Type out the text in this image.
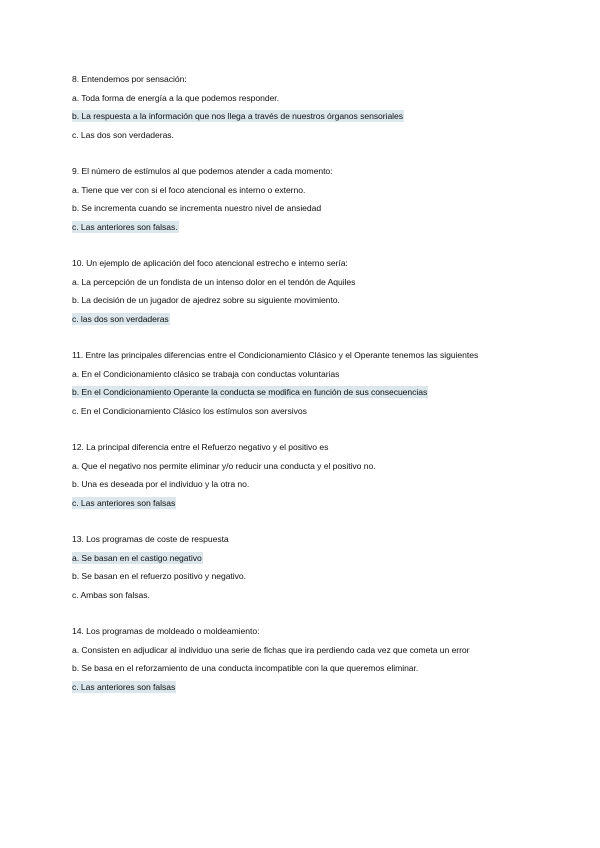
8. Entendemos por sensación:
a. Toda forma de energía a la que podemos responder.
b. La respuesta a la información que nos llega a través de nuestros órganos sensoriales
c. Las dos son verdaderas.
9. El número de estímulos al que podemos atender a cada momento:
a. Tiene que ver con si el foco atencional es interno o externo.
b. Se incrementa cuando se incrementa nuestro nivel de ansiedad
c. Las anteriores son falsas.
10. Un ejemplo de aplicación del foco atencional estrecho e interno sería:
a. La percepción de un fondista de un intenso dolor en el tendón de Aquiles
b. La decisión de un jugador de ajedrez sobre su siguiente movimiento.
c. las dos son verdaderas
11. Entre las principales diferencias entre el Condicionamiento Clásico y el Operante tenemos las siguientes
a. En el Condicionamiento clásico se trabaja con conductas voluntarias
b. En el Condicionamiento Operante la conducta se modifica en función de sus consecuencias
c. En el Condicionamiento Clásico los estímulos son aversivos
12. La principal diferencia entre el Refuerzo negativo y el positivo es
a. Que el negativo nos permite eliminar y/o reducir una conducta y el positivo no.
b. Una es deseada por el individuo y la otra no.
c. Las anteriores son falsas
13. Los programas de coste de respuesta
a. Se basan en el castigo negativo
b. Se basan en el refuerzo positivo y negativo.
c. Ambas son falsas.
14. Los programas de moldeado o moldeamiento:
a. Consisten en adjudicar al individuo una serie de fichas que ira perdiendo cada vez que cometa un error
b. Se basa en el reforzamiento de una conducta incompatible con la que queremos eliminar.
c. Las anteriores son falsas
